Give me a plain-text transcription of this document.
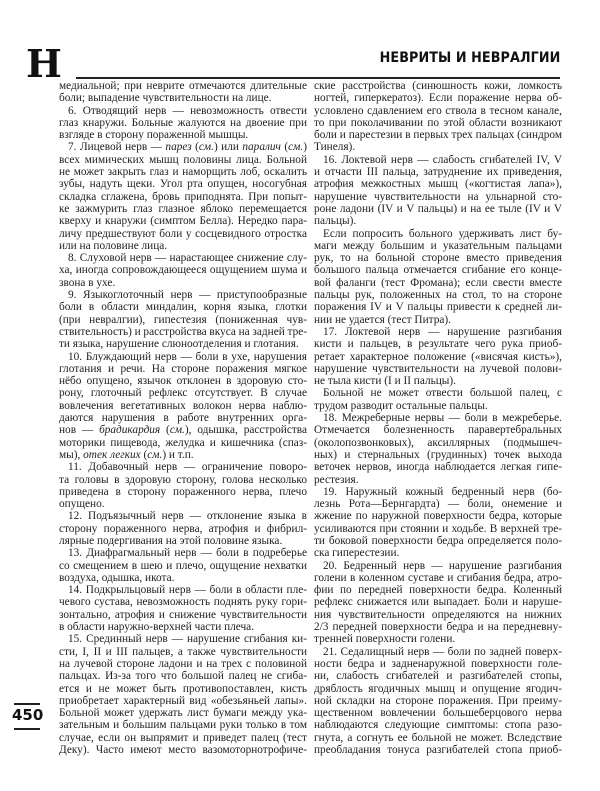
Н	НЕВРИТЫ И НЕВРАЛГИИ
медиальной; при неврите отмечаются длительные
боли; выпадение чувствительности на лице.
6. Отводящий нерв — невозможность отвести
глаз кнаружи. Больные жалуются на двоение при
взгляде в сторону пораженной мышцы.
7. Лицевой нерв — парез (см.) или паралич (см.)
всех мимических мышц половины лица. Больной
не может закрыть глаз и наморщить лоб, оскалить
зубы, надуть щеки. Угол рта опущен, носогубная
складка сглажена, бровь приподнята. При попыт-
ке зажмурить глаз глазное яблоко перемещается
кверху и кнаружи (симптом Белла). Нередко пара-
личу предшествуют боли у сосцевидного отростка
или на половине лица.
8. Слуховой нерв — нарастающее снижение слу-
ха, иногда сопровождающееся ощущением шума и
звона в ухе.
9. Языкоглоточный нерв — приступообразные
боли в области миндалин, корня языка, глотки
(при невралгии), гипестезия (пониженная чув-
ствительность) и расстройства вкуса на задней тре-
ти языка, нарушение слюноотделения и глотания.
10. Блуждающий нерв — боли в ухе, нарушения
глотания и речи. На стороне поражения мягкое
нёбо опущено, язычок отклонен в здоровую сто-
рону, глоточный рефлекс отсутствует. В случае
вовлечения вегетативных волокон нерва наблю-
даются нарушения в работе внутренних орга-
нов — брадикардия (см.), одышка, расстройства
моторики пищевода, желудка и кишечника (спаз-
мы), отек легких (см.) и т.п.
11. Добавочный нерв — ограничение поворо-
та головы в здоровую сторону, голова несколько
приведена в сторону пораженного нерва, плечо
опущено.
12. Подъязычный нерв — отклонение языка в
сторону пораженного нерва, атрофия и фибрил-
лярные подергивания на этой половине языка.
13. Диафрагмальный нерв — боли в подреберье
со смещением в шею и плечо, ощущение нехватки
воздуха, одышка, икота.
14. Подкрыльцовый нерв — боли в области пле-
чевого сустава, невозможность поднять руку гори-
зонтально, атрофия и снижение чувствительности
в области наружно-верхней части плеча.
15. Срединный нерв — нарушение сгибания ки-
сти, I, II и III пальцев, а также чувствительности
на лучевой стороне ладони и на трех с половиной
пальцах. Из-за того что большой палец не сгиба-
ется и не может быть противопоставлен, кисть
приобретает характерный вид «обезьяньей лапы».
Больной может удержать лист бумаги между ука-
зательным и большим пальцами руки только в том
случае, если он выпрямит и приведет палец (тест
Деку). Часто имеют место вазомоторнотрофиче-
ские расстройства (синюшность кожи, ломкость
ногтей, гиперкератоз). Если поражение нерва об-
условлено сдавлением его ствола в тесном канале,
то при поколачивании по этой области возникают
боли и парестезии в первых трех пальцах (синдром
Тинеля).
16. Локтевой нерв — слабость сгибателей IV, V
и отчасти III пальца, затруднение их приведения,
атрофия межкостных мышц («когтистая лапа»),
нарушение чувствительности на ульнарной сто-
роне ладони (IV и V пальцы) и на ее тыле (IV и V
пальцы).
Если попросить больного удерживать лист бу-
маги между большим и указательным пальцами
рук, то на больной стороне вместо приведения
большого пальца отмечается сгибание его конце-
вой фаланги (тест Фромана); если свести вместе
пальцы рук, положенных на стол, то на стороне
поражения IV и V пальцы привести к средней ли-
нии не удается (тест Питра).
17. Локтевой нерв — нарушение разгибания
кисти и пальцев, в результате чего рука приоб-
ретает характерное положение («висячая кисть»),
нарушение чувствительности на лучевой полови-
не тыла кисти (I и II пальцы).
Больной не может отвести большой палец, с
трудом разводит остальные пальцы.
18. Межреберные нервы — боли в межреберье.
Отмечается болезненность паравертебральных
(околопозвонковых), аксиллярных (подмышеч-
ных) и стернальных (грудинных) точек выхода
веточек нервов, иногда наблюдается легкая гипе-
рестезия.
19. Наружный кожный бедренный нерв (бо-
лезнь Рота—Бернгардта) — боли, онемение и
жжение по наружной поверхности бедра, которые
усиливаются при стоянии и ходьбе. В верхней тре-
ти боковой поверхности бедра определяется поло-
ска гиперестезии.
20. Бедренный нерв — нарушение разгибания
голени в коленном суставе и сгибания бедра, атро-
фии по передней поверхности бедра. Коленный
рефлекс снижается или выпадает. Боли и наруше-
ния чувствительности определяются на нижних
2/3 передней поверхности бедра и на передневну-
тренней поверхности голени.
21. Седалищный нерв — боли по задней поверх-
ности бедра и задненаружной поверхности голе-
ни, слабость сгибателей и разгибателей стопы,
дряблость ягодичных мышц и опущение ягодич-
ной складки на стороне поражения. При преиму-
щественном вовлечении большеберцового нерва
наблюдаются следующие симптомы: стопа разо-
гнута, а согнуть ее больной не может. Вследствие
преобладания тонуса разгибателей стопа приоб-
450
